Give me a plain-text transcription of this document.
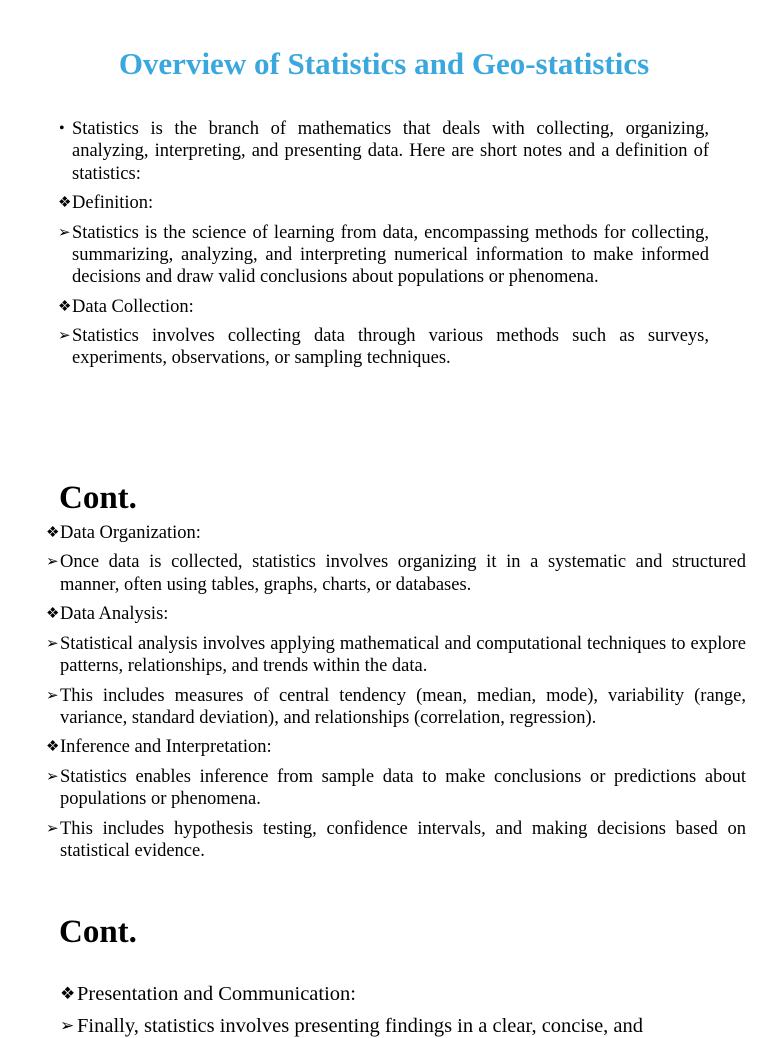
Overview of Statistics and Geo-statistics

• Statistics is the branch of mathematics that deals with collecting, organizing, analyzing, interpreting, and presenting data. Here are short notes and a definition of statistics:

❖ Definition:

➢ Statistics is the science of learning from data, encompassing methods for collecting, summarizing, analyzing, and interpreting numerical information to make informed decisions and draw valid conclusions about populations or phenomena.

❖ Data Collection:

➢ Statistics involves collecting data through various methods such as surveys, experiments, observations, or sampling techniques.

Cont.

❖ Data Organization:

➢ Once data is collected, statistics involves organizing it in a systematic and structured manner, often using tables, graphs, charts, or databases.

❖ Data Analysis:

➢ Statistical analysis involves applying mathematical and computational techniques to explore patterns, relationships, and trends within the data.

➢ This includes measures of central tendency (mean, median, mode), variability (range, variance, standard deviation), and relationships (correlation, regression).

❖ Inference and Interpretation:

➢ Statistics enables inference from sample data to make conclusions or predictions about populations or phenomena.

➢ This includes hypothesis testing, confidence intervals, and making decisions based on statistical evidence.

Cont.

❖ Presentation and Communication:

➢ Finally, statistics involves presenting findings in a clear, concise, and
